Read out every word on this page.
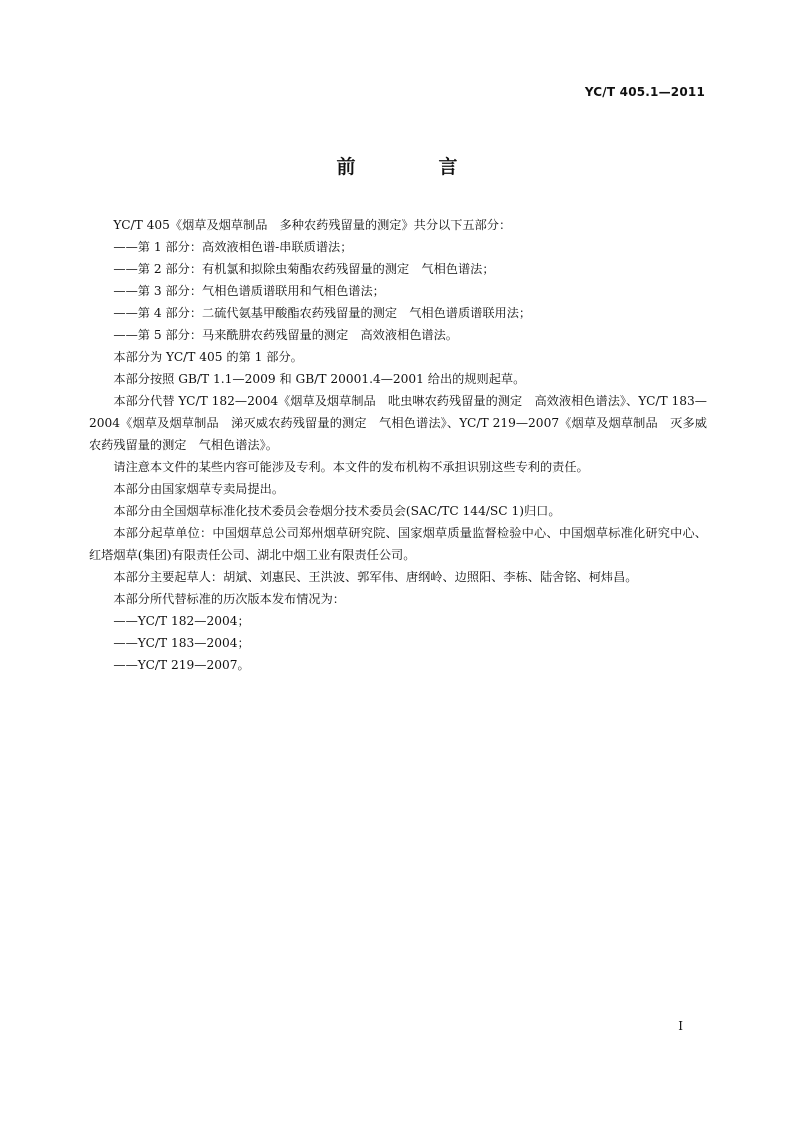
YC/T 405.1—2011
前　言

YC/T 405《烟草及烟草制品　多种农药残留量的测定》共分以下五部分：

——第 1 部分：高效液相色谱-串联质谱法；

——第 2 部分：有机氯和拟除虫菊酯农药残留量的测定　气相色谱法；

——第 3 部分：气相色谱质谱联用和气相色谱法；

——第 4 部分：二硫代氨基甲酸酯农药残留量的测定　气相色谱质谱联用法；

——第 5 部分：马来酰肼农药残留量的测定　高效液相色谱法。

本部分为 YC/T 405 的第 1 部分。

本部分按照 GB/T 1.1—2009 和 GB/T 20001.4—2001 给出的规则起草。

本部分代替 YC/T 182—2004《烟草及烟草制品　吡虫啉农药残留量的测定　高效液相色谱法》、YC/T 183—2004《烟草及烟草制品　涕灭威农药残留量的测定　气相色谱法》、YC/T 219—2007《烟草及烟草制品　灭多威农药残留量的测定　气相色谱法》。

请注意本文件的某些内容可能涉及专利。本文件的发布机构不承担识别这些专利的责任。

本部分由国家烟草专卖局提出。

本部分由全国烟草标准化技术委员会卷烟分技术委员会(SAC/TC 144/SC 1)归口。

本部分起草单位：中国烟草总公司郑州烟草研究院、国家烟草质量监督检验中心、中国烟草标准化研究中心、红塔烟草(集团)有限责任公司、湖北中烟工业有限责任公司。

本部分主要起草人：胡斌、刘惠民、王洪波、郭军伟、唐纲岭、边照阳、李栋、陆舍铭、柯炜昌。

本部分所代替标准的历次版本发布情况为：

——YC/T 182—2004；

——YC/T 183—2004；

——YC/T 219—2007。

I
